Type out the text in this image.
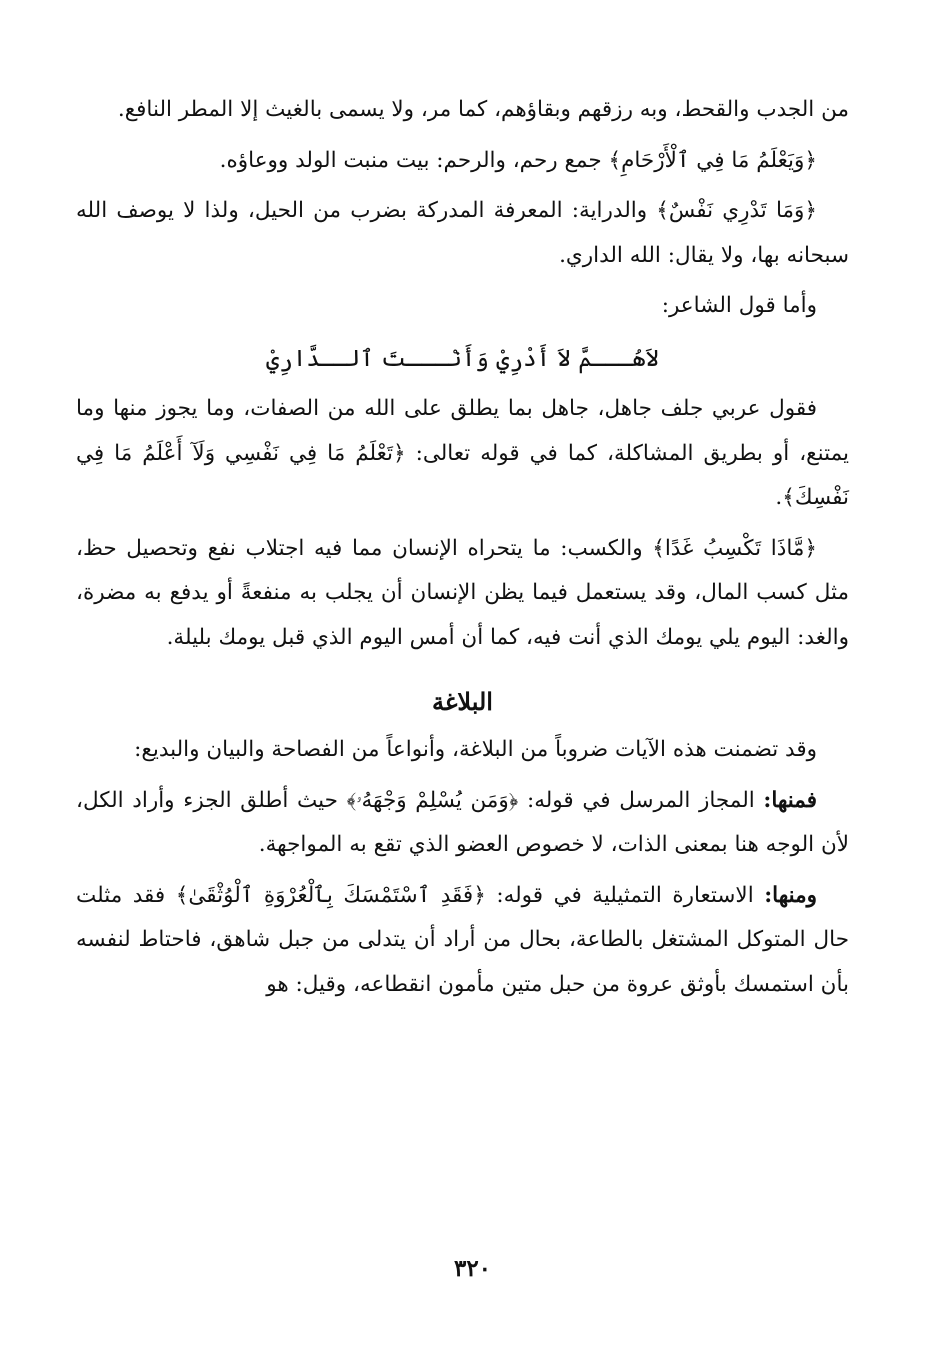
من الجدب والقحط، وبه رزقهم وبقاؤهم، كما مر، ولا يسمى بالغيث إلا المطر النافع.

﴿وَيَعْلَمُ مَا فِي ٱلْأَرْحَامِ﴾ جمع رحم، والرحم: بيت منبت الولد ووعاؤه.

﴿وَمَا تَدْرِي نَفْسٌ﴾ والدراية: المعرفة المدركة بضرب من الحيل، ولذا لا يوصف الله سبحانه بها، ولا يقال: الله الداري.

وأما قول الشاعر:

لاَهُـــمَّ لاَ أَدْرِيْ وَأَنْـــتَ ٱلــدَّارِيْ

فقول عربي جلف جاهل، جاهل بما يطلق على الله من الصفات، وما يجوز منها وما يمتنع، أو بطريق المشاكلة، كما في قوله تعالى: ﴿تَعْلَمُ مَا فِي نَفْسِي وَلَآ أَعْلَمُ مَا فِي نَفْسِكَ﴾.

﴿مَّاذَا تَكْسِبُ غَدًا﴾ والكسب: ما يتحراه الإنسان مما فيه اجتلاب نفع وتحصيل حظ، مثل كسب المال، وقد يستعمل فيما يظن الإنسان أن يجلب به منفعةً أو يدفع به مضرة، والغد: اليوم يلي يومك الذي أنت فيه، كما أن أمس اليوم الذي قبل يومك بليلة.

البلاغة

وقد تضمنت هذه الآيات ضروباً من البلاغة، وأنواعاً من الفصاحة والبيان والبديع:

فمنها: المجاز المرسل في قوله: ﴿وَمَن يُسْلِمْ وَجْهَهُۥ﴾ حيث أطلق الجزء وأراد الكل، لأن الوجه هنا بمعنى الذات، لا خصوص العضو الذي تقع به المواجهة.

ومنها: الاستعارة التمثيلية في قوله: ﴿فَقَدِ ٱسْتَمْسَكَ بِٱلْعُرْوَةِ ٱلْوُثْقَىٰ﴾ فقد مثلت حال المتوكل المشتغل بالطاعة، بحال من أراد أن يتدلى من جبل شاهق، فاحتاط لنفسه بأن استمسك بأوثق عروة من حبل متين مأمون انقطاعه، وقيل: هو

٣٢٠
